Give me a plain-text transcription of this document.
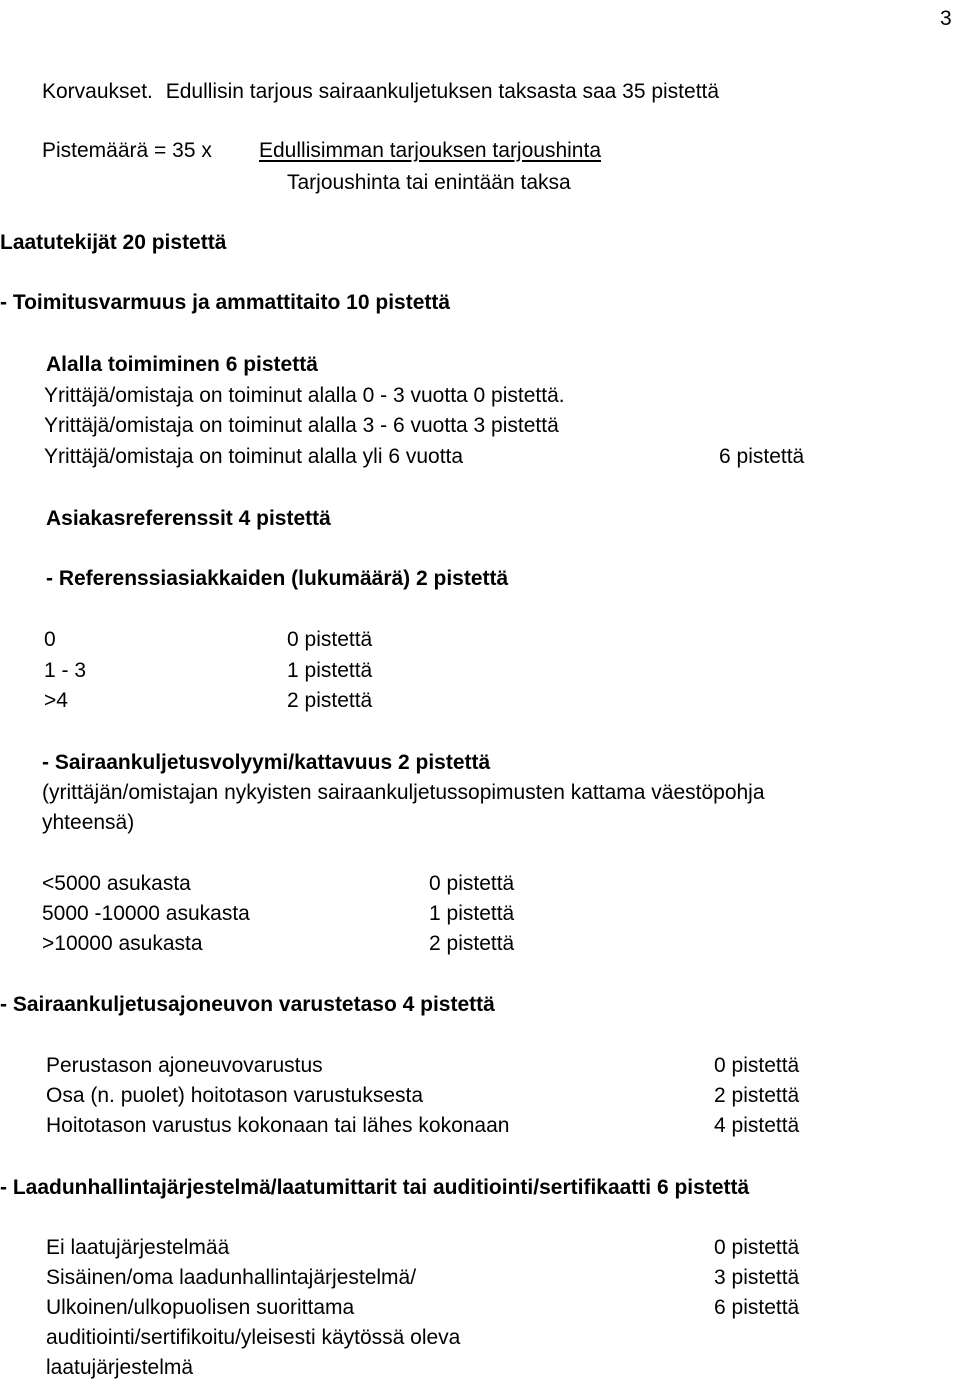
3
Korvaukset. Edullisin tarjous sairaankuljetuksen taksasta saa 35 pistettä
Pistemäärä = 35 x Edullisimman tarjouksen tarjoushinta
Tarjoushinta tai enintään taksa
Laatutekijät 20 pistettä
- Toimitusvarmuus ja ammattitaito 10 pistettä
Alalla toimiminen 6 pistettä
Yrittäjä/omistaja on toiminut alalla 0 - 3 vuotta 0 pistettä.
Yrittäjä/omistaja on toiminut alalla 3 - 6 vuotta 3 pistettä
Yrittäjä/omistaja on toiminut alalla yli 6 vuotta	6 pistettä
Asiakasreferenssit 4 pistettä
- Referenssiasiakkaiden (lukumäärä) 2 pistettä
0	0 pistettä
1 - 3	1 pistettä
>4	2 pistettä
- Sairaankuljetusvolyymi/kattavuus 2 pistettä
(yrittäjän/omistajan nykyisten sairaankuljetussopimusten kattama väestöpohja
yhteensä)
<5000 asukasta	0 pistettä
5000 -10000 asukasta	1 pistettä
>10000 asukasta	2 pistettä
- Sairaankuljetusajoneuvon varustetaso 4 pistettä
Perustason ajoneuvovarustus	0 pistettä
Osa (n. puolet) hoitotason varustuksesta	2 pistettä
Hoitotason varustus kokonaan tai lähes kokonaan	4 pistettä
- Laadunhallintajärjestelmä/laatumittarit tai auditiointi/sertifikaatti 6 pistettä
Ei laatujärjestelmää	0 pistettä
Sisäinen/oma laadunhallintajärjestelmä/	3 pistettä
Ulkoinen/ulkopuolisen suorittama	6 pistettä
auditiointi/sertifikoitu/yleisesti käytössä oleva
laatujärjestelmä
